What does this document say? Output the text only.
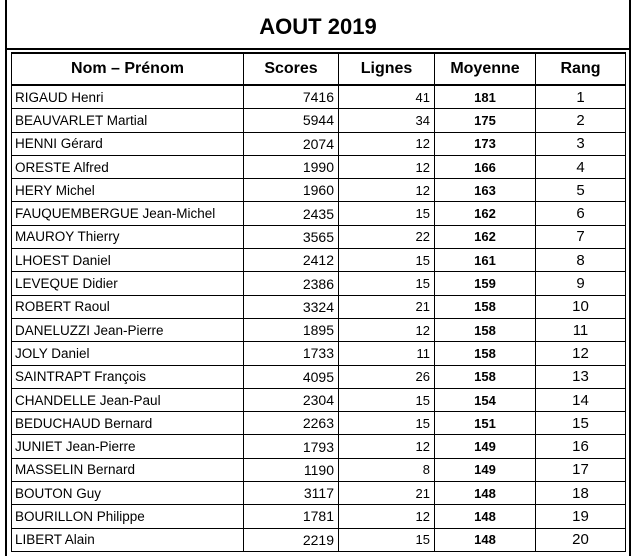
AOUT 2019
Nom – Prénom	Scores	Lignes	Moyenne	Rang
RIGAUD Henri	7416	41	181	1
BEAUVARLET Martial	5944	34	175	2
HENNI Gérard	2074	12	173	3
ORESTE Alfred	1990	12	166	4
HERY Michel	1960	12	163	5
FAUQUEMBERGUE Jean-Michel	2435	15	162	6
MAUROY Thierry	3565	22	162	7
LHOEST Daniel	2412	15	161	8
LEVEQUE Didier	2386	15	159	9
ROBERT Raoul	3324	21	158	10
DANELUZZI Jean-Pierre	1895	12	158	11
JOLY Daniel	1733	11	158	12
SAINTRAPT François	4095	26	158	13
CHANDELLE Jean-Paul	2304	15	154	14
BEDUCHAUD Bernard	2263	15	151	15
JUNIET Jean-Pierre	1793	12	149	16
MASSELIN Bernard	1190	8	149	17
BOUTON Guy	3117	21	148	18
BOURILLON Philippe	1781	12	148	19
LIBERT Alain	2219	15	148	20
